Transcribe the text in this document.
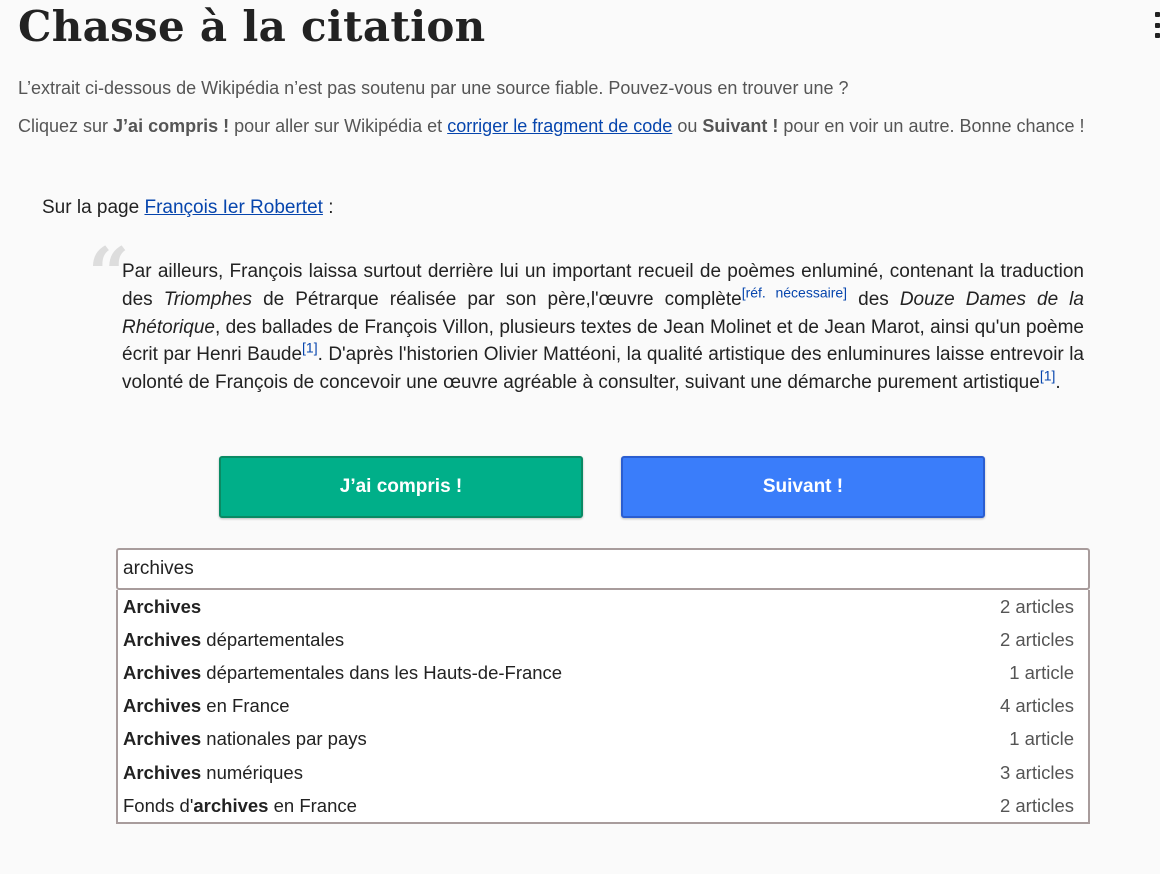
Chasse à la citation

L’extrait ci-dessous de Wikipédia n’est pas soutenu par une source fiable. Pouvez-vous en trouver une ?

Cliquez sur J’ai compris ! pour aller sur Wikipédia et corriger le fragment de code ou Suivant ! pour en voir un autre. Bonne chance !

Sur la page François Ier Robertet :
“
Par ailleurs, François laissa surtout derrière lui un important recueil de poèmes enluminé, contenant la traduction des Triomphes de Pétrarque réalisée par son père,l'œuvre complète[réf. nécessaire] des Douze Dames de la Rhétorique, des ballades de François Villon, plusieurs textes de Jean Molinet et de Jean Marot, ainsi qu'un poème écrit par Henri Baude[1]. D'après l'historien Olivier Mattéoni, la qualité artistique des enluminures laisse entrevoir la volonté de François de concevoir une œuvre agréable à consulter, suivant une démarche purement artistique[1].
J’ai compris !	Suivant !
archives
Archives	2 articles
Archives départementales	2 articles
Archives départementales dans les Hauts-de-France	1 article
Archives en France	4 articles
Archives nationales par pays	1 article
Archives numériques	3 articles
Fonds d'archives en France	2 articles
